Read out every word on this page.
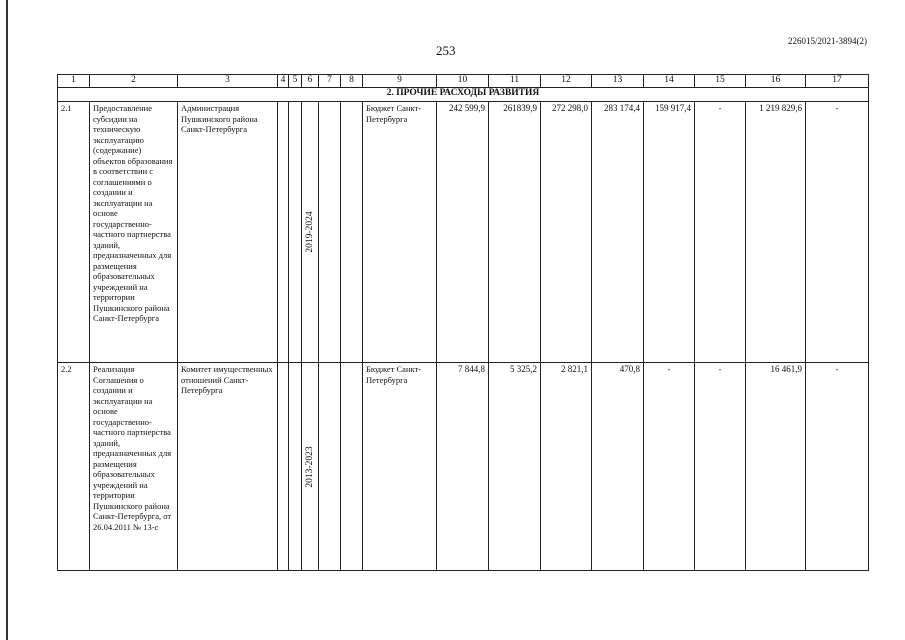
253
226015/2021-3894(2)
1	2	3	4	5	6	7	8	9	10	11	12	13	14	15	16	17
2. ПРОЧИЕ РАСХОДЫ РАЗВИТИЯ																
2.1	Предоставление субсидии на техническую эксплуатацию (содержание) объектов образования в соответствии с соглашениями о создании и эксплуатации на основе государственно-частного партнерства зданий, предназначенных для размещения образовательных учреждений на территории Пушкинского района Санкт-Петербурга	Администрация Пушкинского района Санкт-Петербурга			2019-2024			Бюджет Санкт-Петербурга	242 599,9	261839,9	272 298,0	283 174,4	159 917,4	-	1 219 829,6	-
2.2	Реализация Соглашения о создании и эксплуатации на основе государственно-частного партнерства зданий, предназначенных для размещения образовательных учреждений на территории Пушкинского района Санкт-Петербурга, от 26.04.2011 № 13-с	Комитет имущественных отношений Санкт-Петербурга			2013-2023			Бюджет Санкт-Петербурга	7 844,8	5 325,2	2 821,1	470,8	-	-	16 461,9	-
